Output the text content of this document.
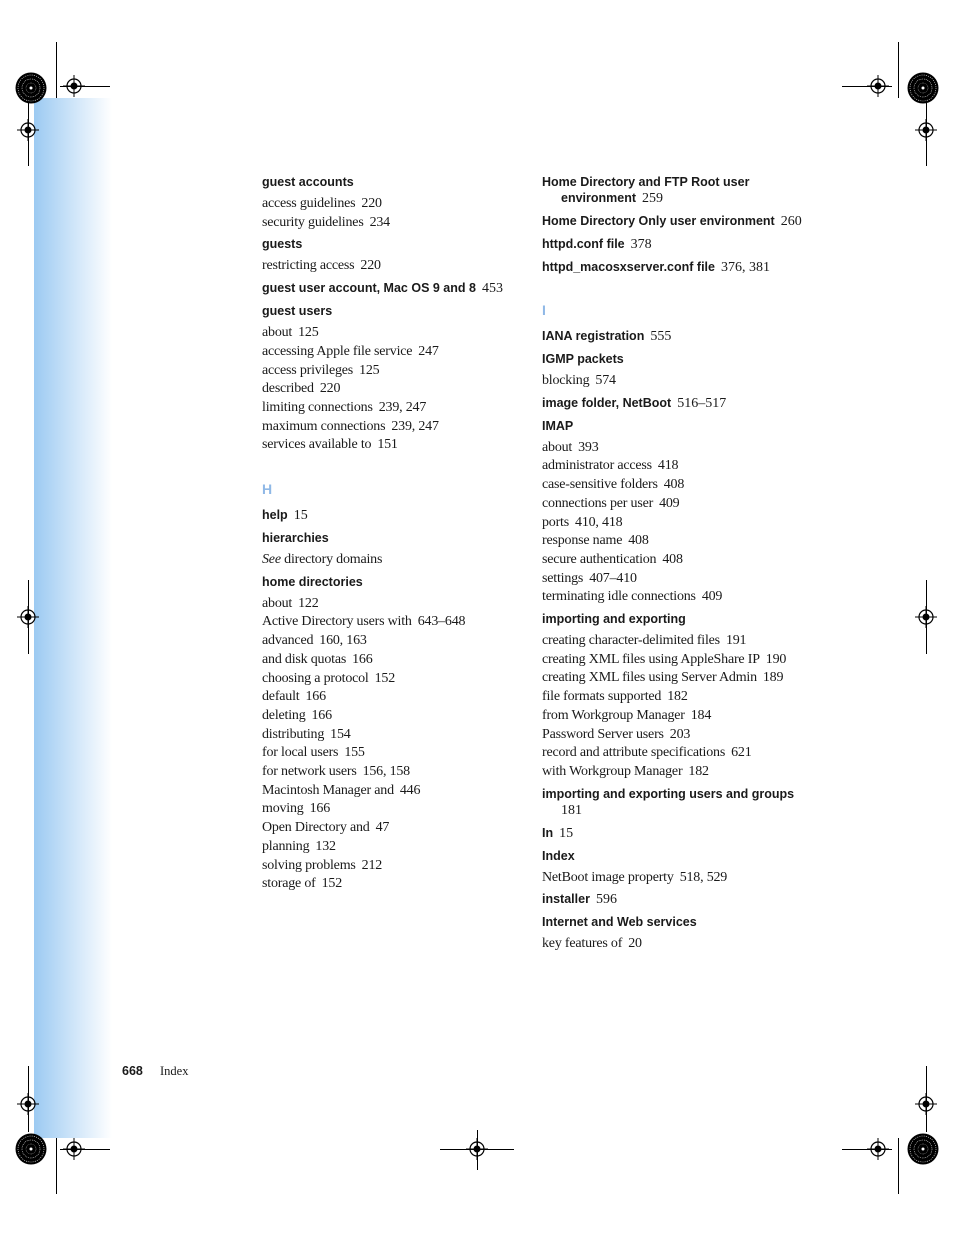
guest accounts

access guidelines 220
security guidelines 234

guests

restricting access 220

guest user account, Mac OS 9 and 8 453

guest users

about 125
accessing Apple file service 247
access privileges 125
described 220
limiting connections 239, 247
maximum connections 239, 247
services available to 151
H

help 15

hierarchies

See directory domains

home directories

about 122
Active Directory users with 643–648
advanced 160, 163
and disk quotas 166
choosing a protocol 152
default 166
deleting 166
distributing 154
for local users 155
for network users 156, 158
Macintosh Manager and 446
moving 166
Open Directory and 47
planning 132
solving problems 212
storage of 152

Home Directory and FTP Root user environment 259

Home Directory Only user environment 260

httpd.conf file 378

httpd_macosxserver.conf file 376, 381

I

IANA registration 555

IGMP packets

blocking 574

image folder, NetBoot 516–517

IMAP

about 393
administrator access 418
case-sensitive folders 408
connections per user 409
ports 410, 418
response name 408
secure authentication 408
settings 407–410
terminating idle connections 409

importing and exporting

creating character-delimited files 191
creating XML files using AppleShare IP 190
creating XML files using Server Admin 189
file formats supported 182
from Workgroup Manager 184
Password Server users 203
record and attribute specifications 621
with Workgroup Manager 182

importing and exporting users and groups181

In 15

Index

NetBoot image property 518, 529

installer 596

Internet and Web services

key features of 20
668 Index
